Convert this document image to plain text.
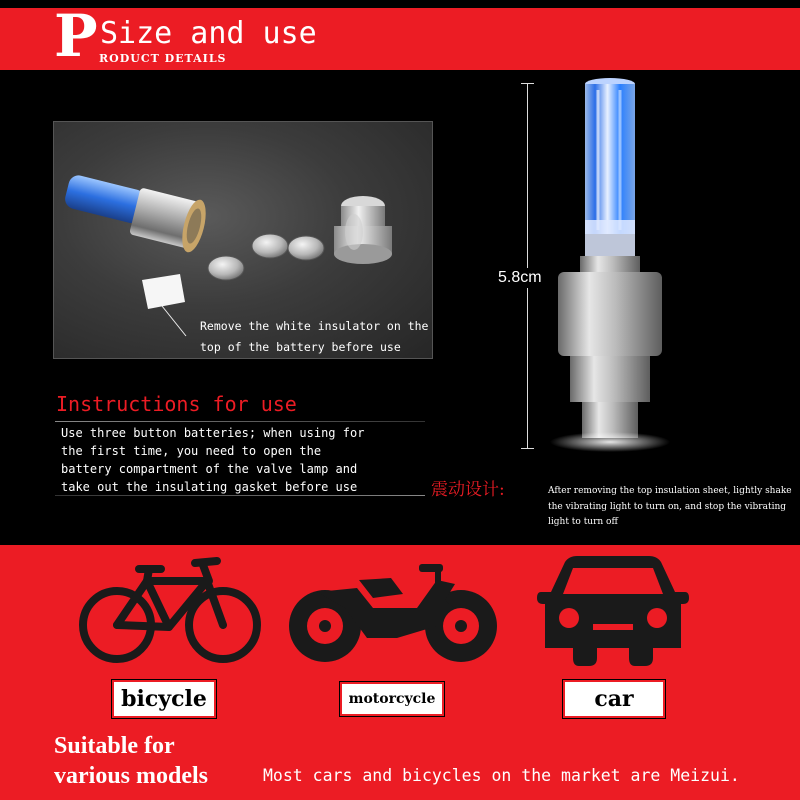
P Size and use
RODUCT DETAILS
Remove the white insulator on the top of the battery before use
Instructions for use
Use three button batteries; when using for the first time, you need to open the battery compartment of the valve lamp and take out the insulating gasket before use
5.8cm
震动设计:	After removing the top insulation sheet, lightly shake the vibrating light to turn on, and stop the vibrating light to turn off
bicycle	motorcycle	car
Suitable for various models	Most cars and bicycles on the market are Meizui.
